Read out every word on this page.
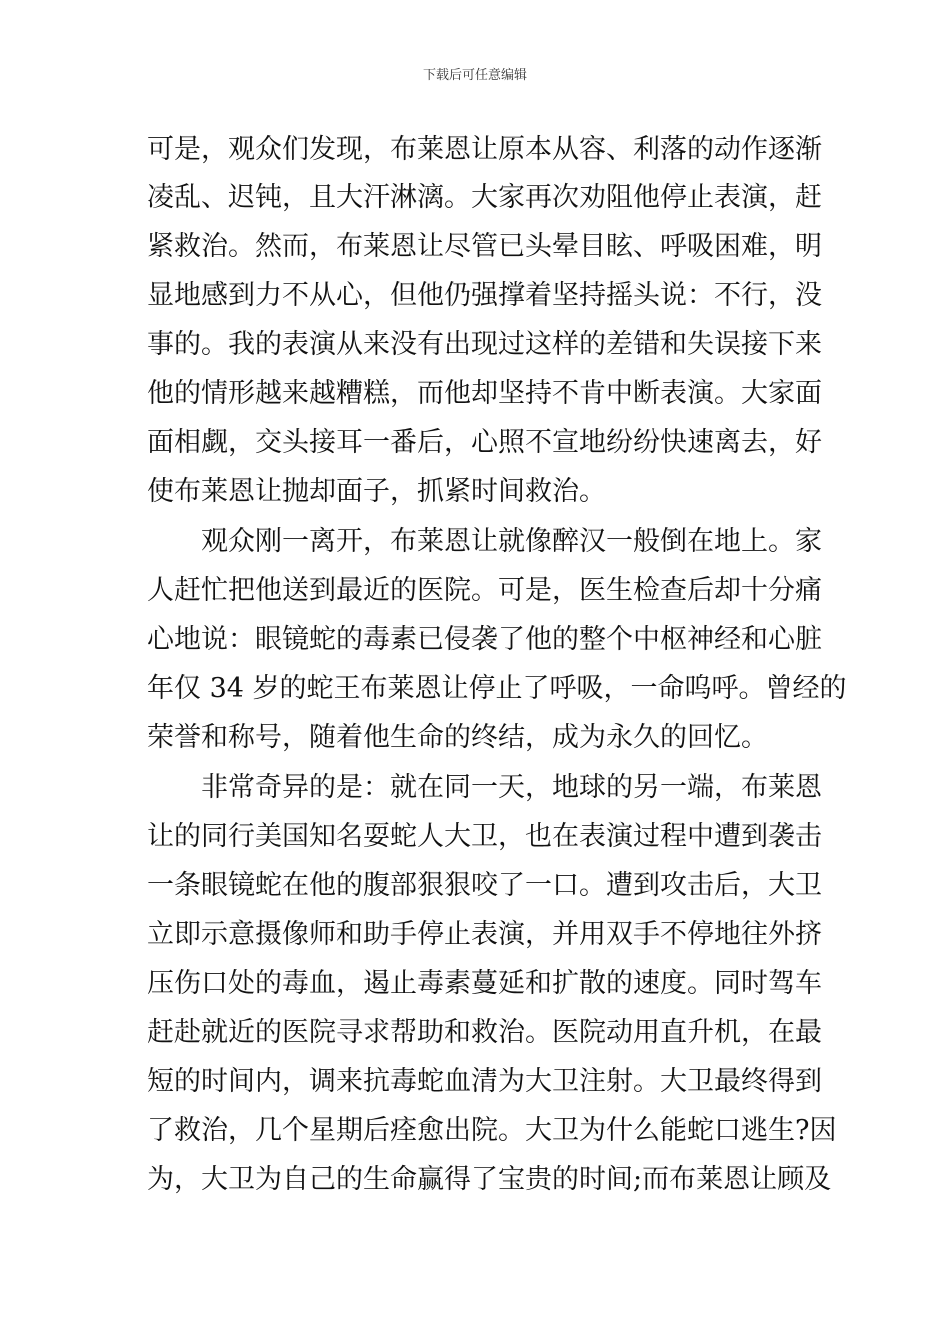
下载后可任意编辑
可是，观众们发现，布莱恩让原本从容、利落的动作逐渐
凌乱、迟钝，且大汗淋漓。大家再次劝阻他停止表演，赶
紧救治。然而，布莱恩让尽管已头晕目眩、呼吸困难，明
显地感到力不从心，但他仍强撑着坚持摇头说：不行，没
事的。我的表演从来没有出现过这样的差错和失误接下来
他的情形越来越糟糕，而他却坚持不肯中断表演。大家面
面相觑，交头接耳一番后，心照不宣地纷纷快速离去，好
使布莱恩让抛却面子，抓紧时间救治。
　　观众刚一离开，布莱恩让就像醉汉一般倒在地上。家
人赶忙把他送到最近的医院。可是，医生检查后却十分痛
心地说：眼镜蛇的毒素已侵袭了他的整个中枢神经和心脏
年仅 34 岁的蛇王布莱恩让停止了呼吸，一命呜呼。曾经的
荣誉和称号，随着他生命的终结，成为永久的回忆。
　　非常奇异的是：就在同一天，地球的另一端，布莱恩
让的同行美国知名耍蛇人大卫，也在表演过程中遭到袭击
一条眼镜蛇在他的腹部狠狠咬了一口。遭到攻击后，大卫
立即示意摄像师和助手停止表演，并用双手不停地往外挤
压伤口处的毒血，遏止毒素蔓延和扩散的速度。同时驾车
赶赴就近的医院寻求帮助和救治。医院动用直升机，在最
短的时间内，调来抗毒蛇血清为大卫注射。大卫最终得到
了救治，几个星期后痊愈出院。大卫为什么能蛇口逃生?因
为，大卫为自己的生命赢得了宝贵的时间;而布莱恩让顾及
